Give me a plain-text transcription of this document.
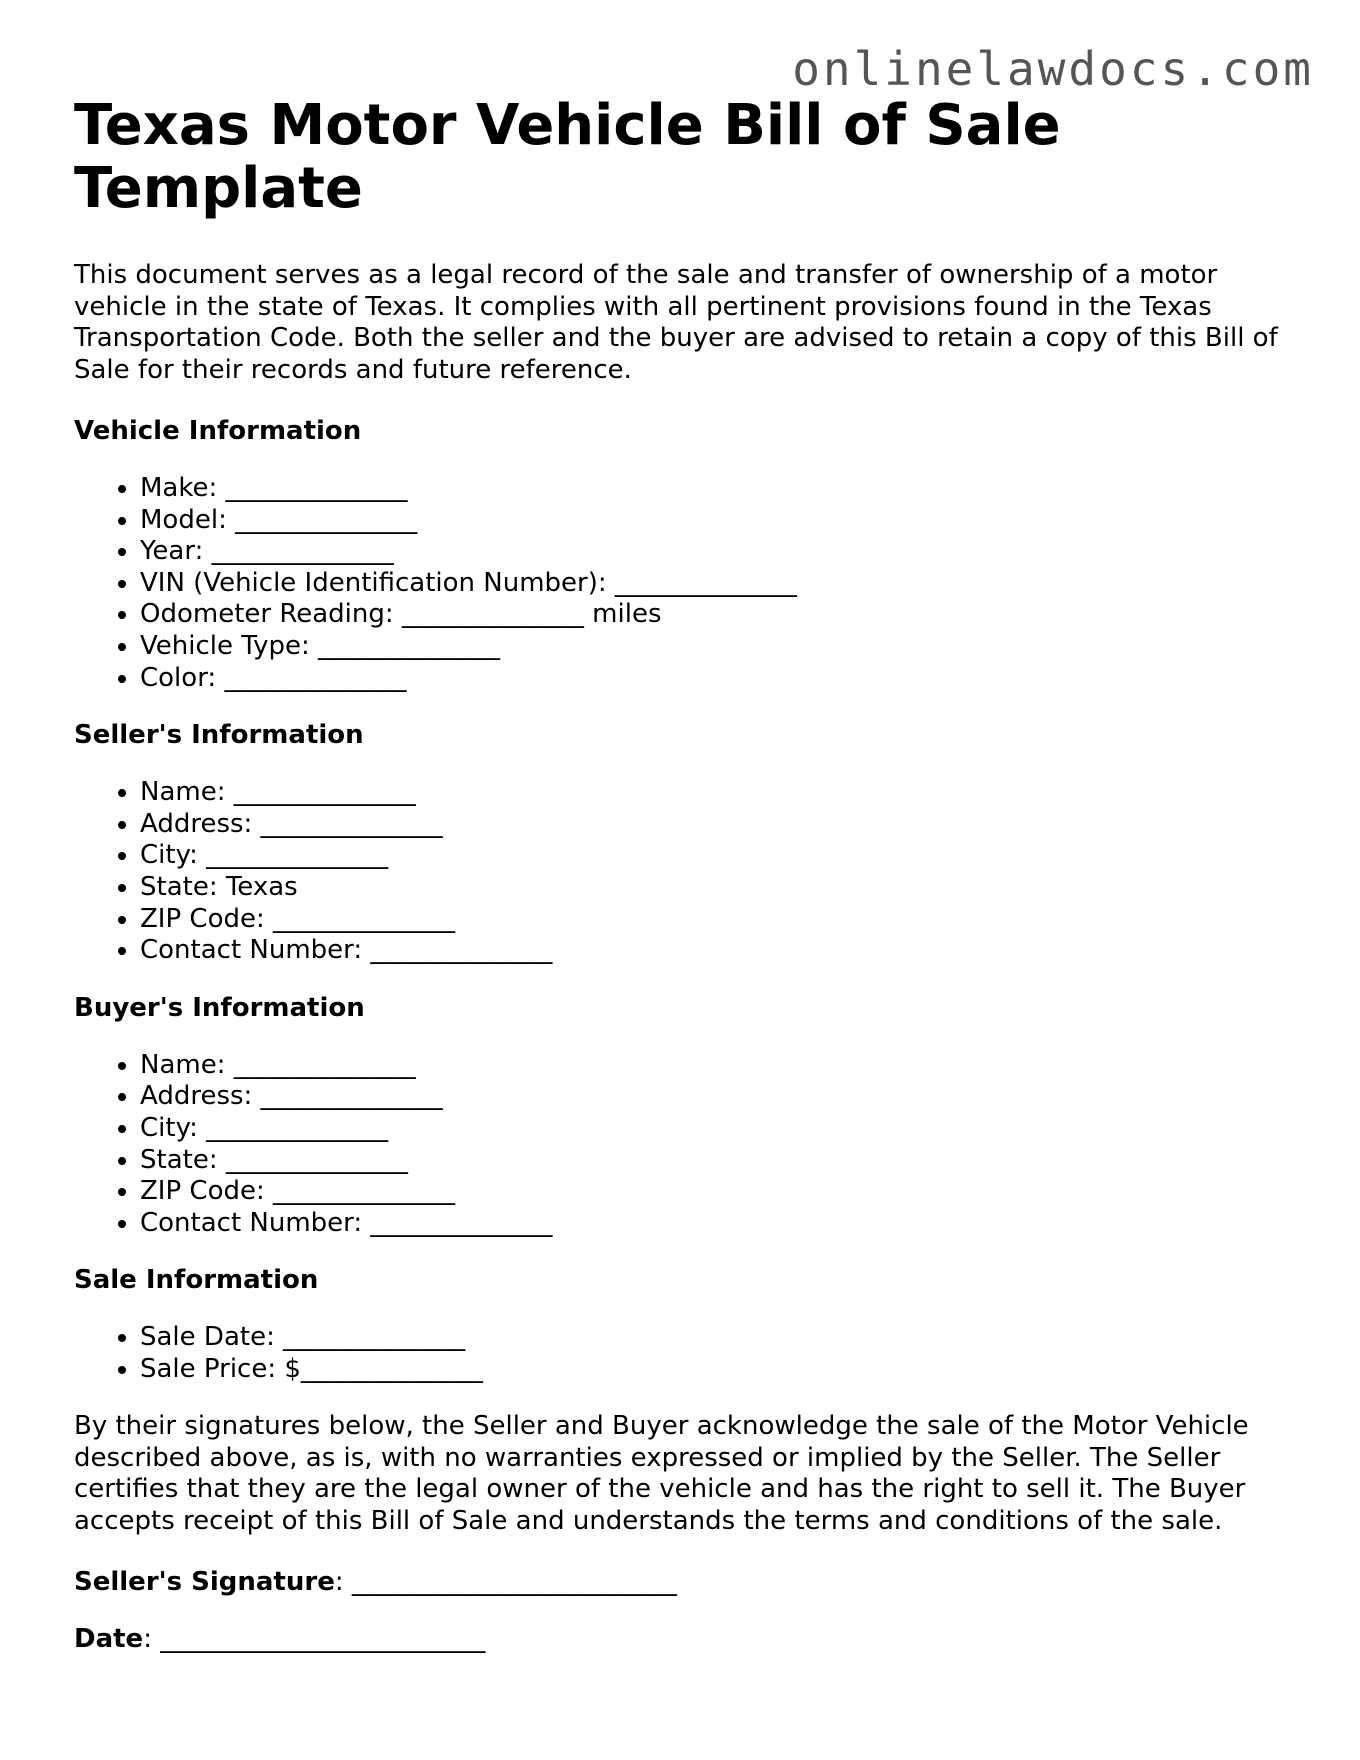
onlinelawdocs.com
Texas Motor Vehicle Bill of Sale Template

This document serves as a legal record of the sale and transfer of ownership of a motor vehicle in the state of Texas. It complies with all pertinent provisions found in the Texas Transportation Code. Both the seller and the buyer are advised to retain a copy of this Bill of Sale for their records and future reference.

Vehicle Information
• Make: ______________
• Model: ______________
• Year: ______________
• VIN (Vehicle Identification Number): ______________
• Odometer Reading: ______________ miles
• Vehicle Type: ______________
• Color: ______________
Seller's Information
• Name: ______________
• Address: ______________
• City: ______________
• State: Texas
• ZIP Code: ______________
• Contact Number: ______________
Buyer's Information
• Name: ______________
• Address: ______________
• City: ______________
• State: ______________
• ZIP Code: ______________
• Contact Number: ______________
Sale Information
• Sale Date: ______________
• Sale Price: $______________

By their signatures below, the Seller and Buyer acknowledge the sale of the Motor Vehicle described above, as is, with no warranties expressed or implied by the Seller. The Seller certifies that they are the legal owner of the vehicle and has the right to sell it. The Buyer accepts receipt of this Bill of Sale and understands the terms and conditions of the sale.

Seller's Signature: _________________________
Date: _________________________
